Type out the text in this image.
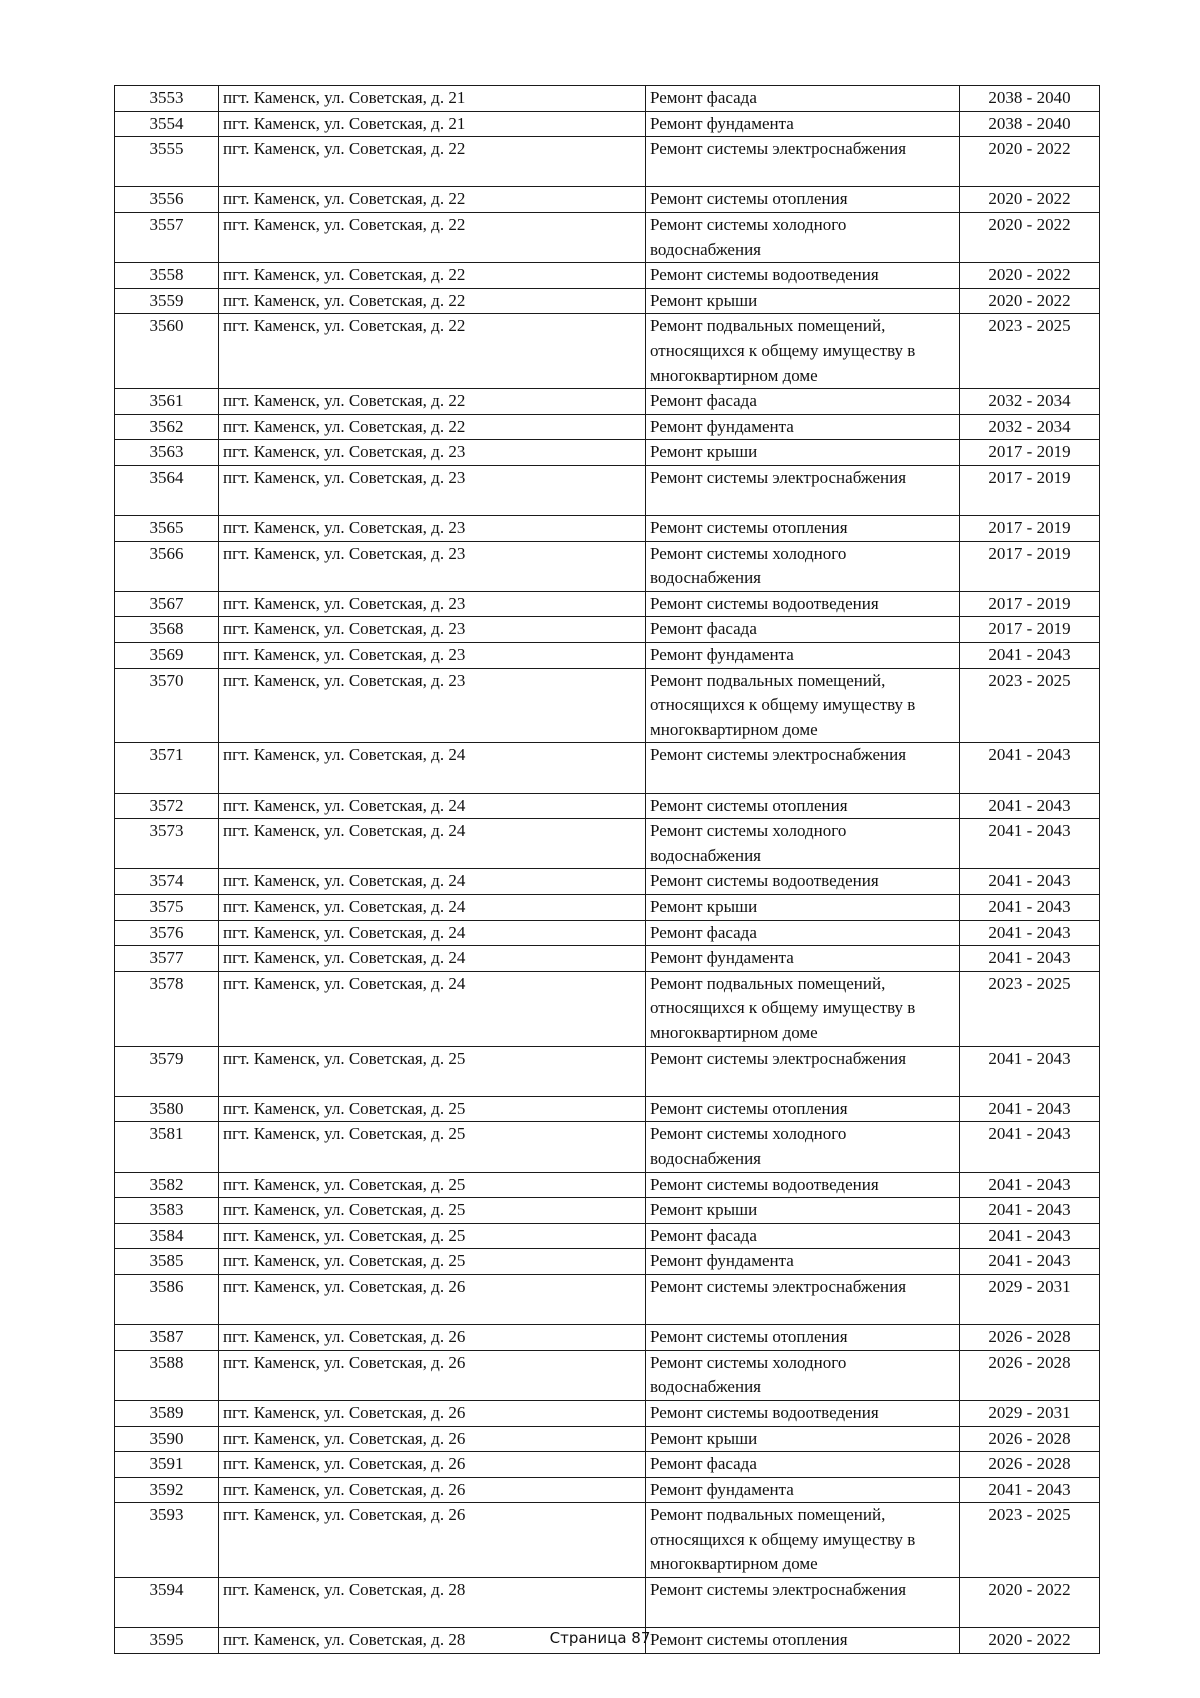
3553	пгт. Каменск, ул. Советская, д. 21	Ремонт фасада	2038 - 2040
3554	пгт. Каменск, ул. Советская, д. 21	Ремонт фундамента	2038 - 2040
3555	пгт. Каменск, ул. Советская, д. 22	Ремонт системы электроснабжения	2020 - 2022
3556	пгт. Каменск, ул. Советская, д. 22	Ремонт системы отопления	2020 - 2022
3557	пгт. Каменск, ул. Советская, д. 22	Ремонт системы холодного водоснабжения	2020 - 2022
3558	пгт. Каменск, ул. Советская, д. 22	Ремонт системы водоотведения	2020 - 2022
3559	пгт. Каменск, ул. Советская, д. 22	Ремонт крыши	2020 - 2022
3560	пгт. Каменск, ул. Советская, д. 22	Ремонт подвальных помещений, относящихся к общему имуществу в многоквартирном доме	2023 - 2025
3561	пгт. Каменск, ул. Советская, д. 22	Ремонт фасада	2032 - 2034
3562	пгт. Каменск, ул. Советская, д. 22	Ремонт фундамента	2032 - 2034
3563	пгт. Каменск, ул. Советская, д. 23	Ремонт крыши	2017 - 2019
3564	пгт. Каменск, ул. Советская, д. 23	Ремонт системы электроснабжения	2017 - 2019
3565	пгт. Каменск, ул. Советская, д. 23	Ремонт системы отопления	2017 - 2019
3566	пгт. Каменск, ул. Советская, д. 23	Ремонт системы холодного водоснабжения	2017 - 2019
3567	пгт. Каменск, ул. Советская, д. 23	Ремонт системы водоотведения	2017 - 2019
3568	пгт. Каменск, ул. Советская, д. 23	Ремонт фасада	2017 - 2019
3569	пгт. Каменск, ул. Советская, д. 23	Ремонт фундамента	2041 - 2043
3570	пгт. Каменск, ул. Советская, д. 23	Ремонт подвальных помещений, относящихся к общему имуществу в многоквартирном доме	2023 - 2025
3571	пгт. Каменск, ул. Советская, д. 24	Ремонт системы электроснабжения	2041 - 2043
3572	пгт. Каменск, ул. Советская, д. 24	Ремонт системы отопления	2041 - 2043
3573	пгт. Каменск, ул. Советская, д. 24	Ремонт системы холодного водоснабжения	2041 - 2043
3574	пгт. Каменск, ул. Советская, д. 24	Ремонт системы водоотведения	2041 - 2043
3575	пгт. Каменск, ул. Советская, д. 24	Ремонт крыши	2041 - 2043
3576	пгт. Каменск, ул. Советская, д. 24	Ремонт фасада	2041 - 2043
3577	пгт. Каменск, ул. Советская, д. 24	Ремонт фундамента	2041 - 2043
3578	пгт. Каменск, ул. Советская, д. 24	Ремонт подвальных помещений, относящихся к общему имуществу в многоквартирном доме	2023 - 2025
3579	пгт. Каменск, ул. Советская, д. 25	Ремонт системы электроснабжения	2041 - 2043
3580	пгт. Каменск, ул. Советская, д. 25	Ремонт системы отопления	2041 - 2043
3581	пгт. Каменск, ул. Советская, д. 25	Ремонт системы холодного водоснабжения	2041 - 2043
3582	пгт. Каменск, ул. Советская, д. 25	Ремонт системы водоотведения	2041 - 2043
3583	пгт. Каменск, ул. Советская, д. 25	Ремонт крыши	2041 - 2043
3584	пгт. Каменск, ул. Советская, д. 25	Ремонт фасада	2041 - 2043
3585	пгт. Каменск, ул. Советская, д. 25	Ремонт фундамента	2041 - 2043
3586	пгт. Каменск, ул. Советская, д. 26	Ремонт системы электроснабжения	2029 - 2031
3587	пгт. Каменск, ул. Советская, д. 26	Ремонт системы отопления	2026 - 2028
3588	пгт. Каменск, ул. Советская, д. 26	Ремонт системы холодного водоснабжения	2026 - 2028
3589	пгт. Каменск, ул. Советская, д. 26	Ремонт системы водоотведения	2029 - 2031
3590	пгт. Каменск, ул. Советская, д. 26	Ремонт крыши	2026 - 2028
3591	пгт. Каменск, ул. Советская, д. 26	Ремонт фасада	2026 - 2028
3592	пгт. Каменск, ул. Советская, д. 26	Ремонт фундамента	2041 - 2043
3593	пгт. Каменск, ул. Советская, д. 26	Ремонт подвальных помещений, относящихся к общему имуществу в многоквартирном доме	2023 - 2025
3594	пгт. Каменск, ул. Советская, д. 28	Ремонт системы электроснабжения	2020 - 2022
3595	пгт. Каменск, ул. Советская, д. 28	Ремонт системы отопления	2020 - 2022
Страница 87
